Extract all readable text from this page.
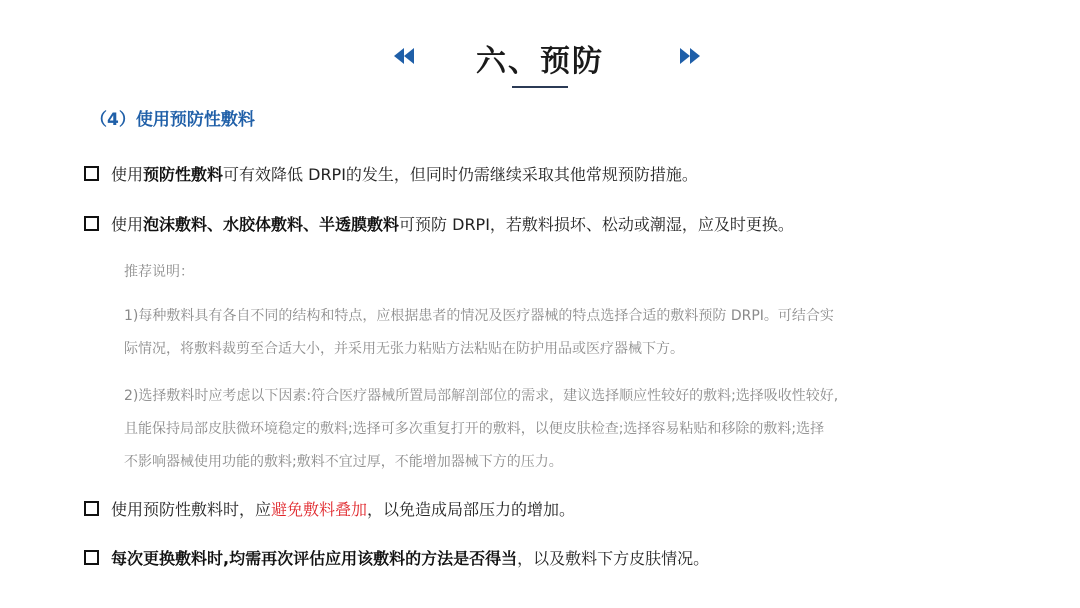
六、预防
（4）使用预防性敷料
使用预防性敷料可有效降低 DRPI的发生，但同时仍需继续采取其他常规预防措施。
使用泡沫敷料、水胶体敷料、半透膜敷料可预防 DRPI，若敷料损坏、松动或潮湿，应及时更换。
推荐说明：
1)每种敷料具有各自不同的结构和特点，应根据患者的情况及医疗器械的特点选择合适的敷料预防 DRPI。可结合实
际情况，将敷料裁剪至合适大小，并采用无张力粘贴方法粘贴在防护用品或医疗器械下方。
2)选择敷料时应考虑以下因素:符合医疗器械所置局部解剖部位的需求，建议选择顺应性较好的敷料;选择吸收性较好,
且能保持局部皮肤微环境稳定的敷料;选择可多次重复打开的敷料，以便皮肤检查;选择容易粘贴和移除的敷料;选择
不影响器械使用功能的敷料;敷料不宜过厚，不能增加器械下方的压力。
使用预防性敷料时，应避免敷料叠加，以免造成局部压力的增加。
每次更换敷料时,均需再次评估应用该敷料的方法是否得当，以及敷料下方皮肤情况。
